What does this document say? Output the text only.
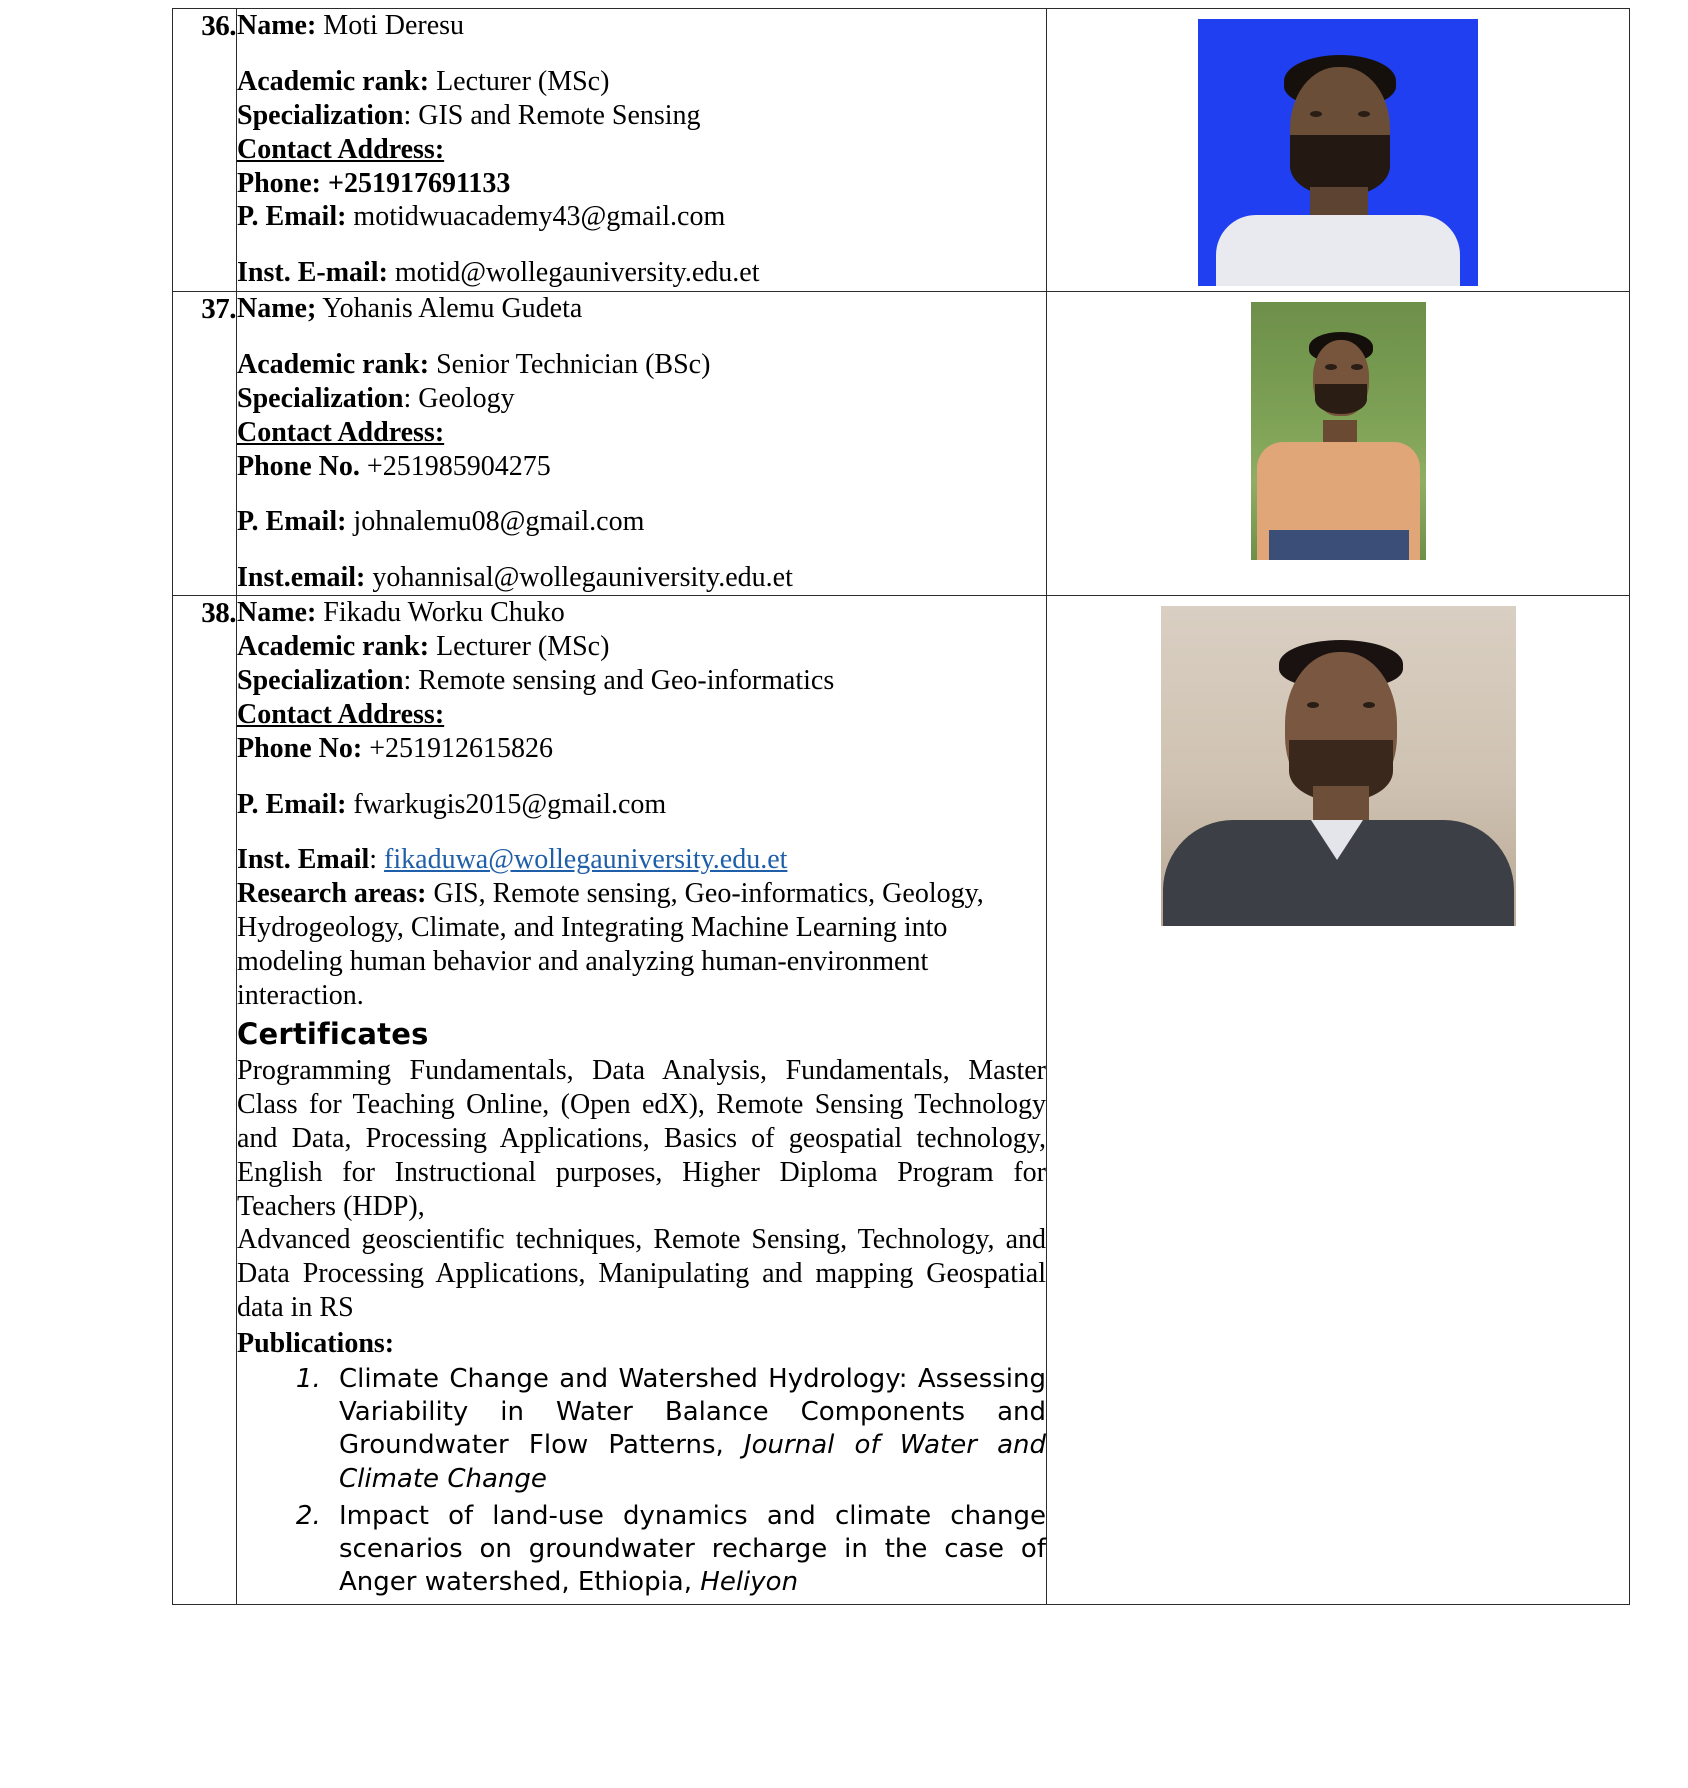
36.	Name: Moti Deresu

Academic rank: Lecturer (MSc)

Specialization: GIS and Remote Sensing

Contact Address:

Phone: +251917691133

P. Email: motidwuacademy43@gmail.com

Inst. E-mail: motid@wollegauniversity.edu.et

37.	Name; Yohanis Alemu Gudeta

Academic rank: Senior Technician (BSc)

Specialization: Geology

Contact Address:

Phone No. +251985904275

P. Email: johnalemu08@gmail.com

Inst.email: yohannisal@wollegauniversity.edu.et

38.	Name: Fikadu Worku Chuko

Academic rank: Lecturer (MSc)

Specialization: Remote sensing and Geo-informatics

Contact Address:

Phone No: +251912615826

P. Email: fwarkugis2015@gmail.com

Inst. Email: fikaduwa@wollegauniversity.edu.et

Research areas: GIS, Remote sensing, Geo-informatics, Geology, Hydrogeology, Climate, and Integrating Machine Learning into modeling human behavior and analyzing human-environment interaction.

Certificates

Programming Fundamentals, Data Analysis, Fundamentals, Master Class for Teaching Online, (Open edX), Remote Sensing Technology and Data, Processing Applications, Basics of geospatial technology, English for Instructional purposes, Higher Diploma Program for Teachers (HDP),

Advanced geoscientific techniques, Remote Sensing, Technology, and Data Processing Applications, Manipulating and mapping Geospatial data in RS

Publications:

1. Climate Change and Watershed Hydrology: Assessing Variability in Water Balance Components and Groundwater Flow Patterns, Journal of Water and Climate Change
2. Impact of land-use dynamics and climate change scenarios on groundwater recharge in the case of Anger watershed, Ethiopia, Heliyon
